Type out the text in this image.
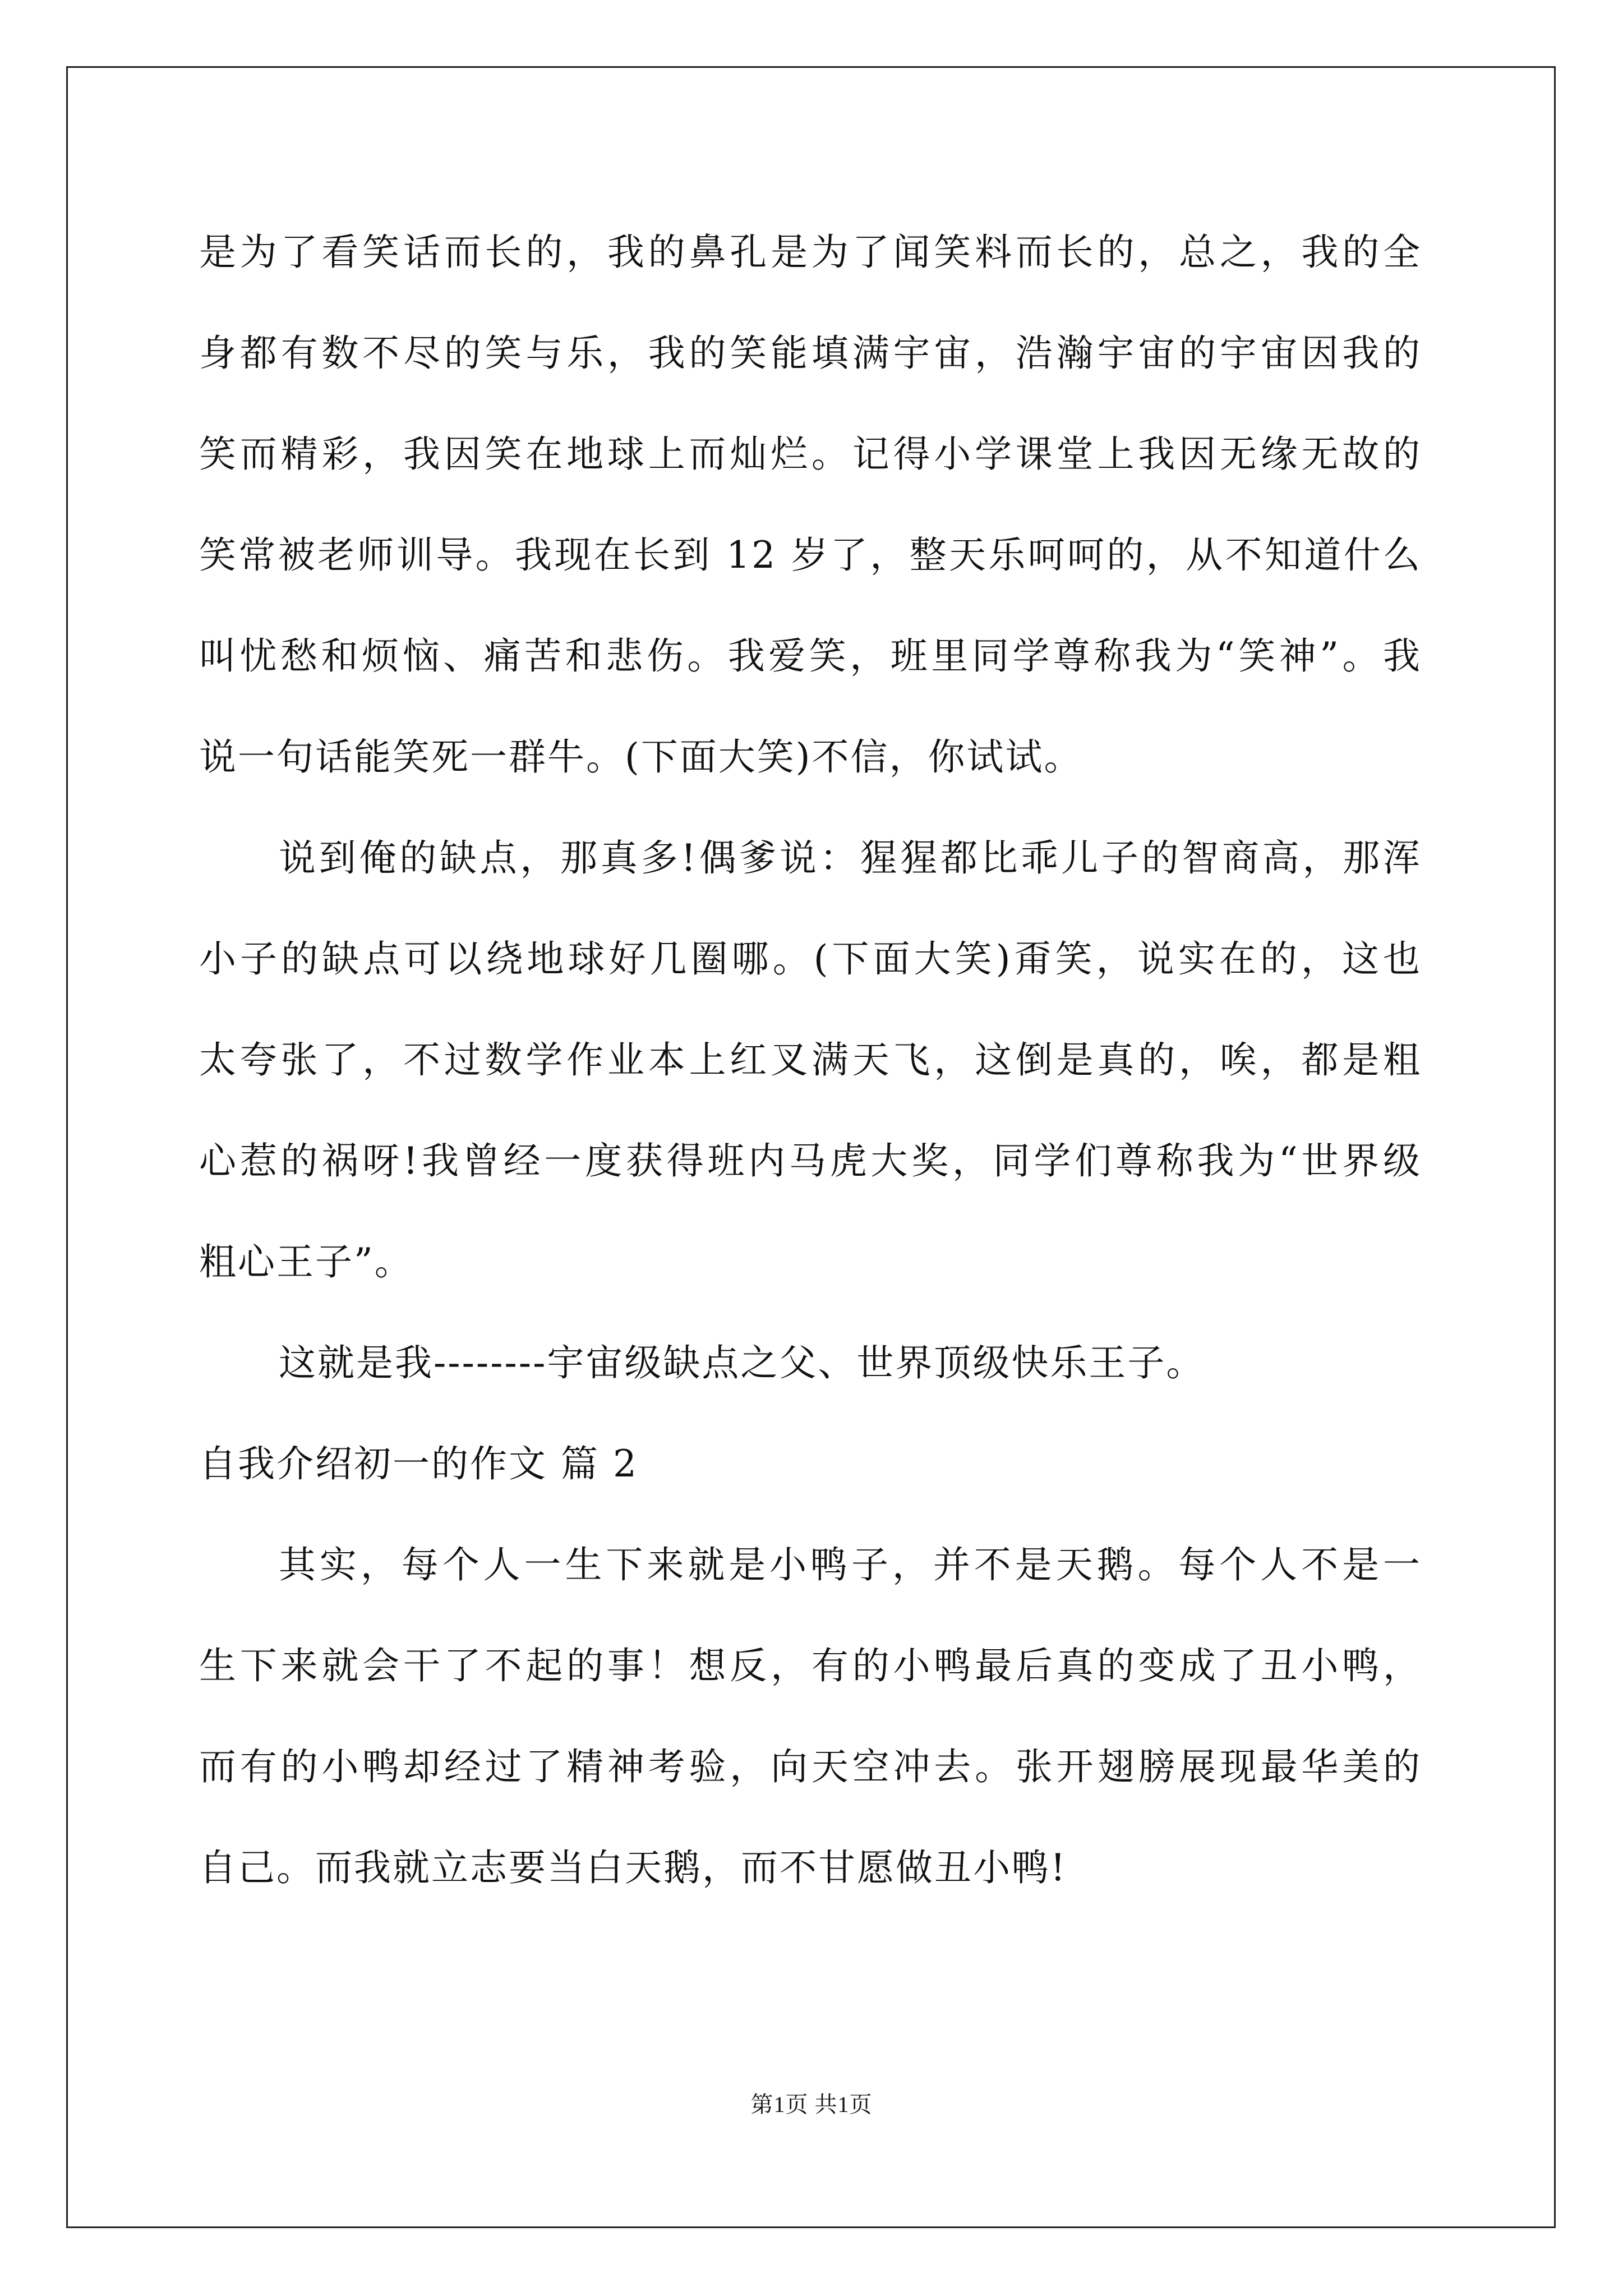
是为了看笑话而长的，我的鼻孔是为了闻笑料而长的，总之，我的全
身都有数不尽的笑与乐，我的笑能填满宇宙，浩瀚宇宙的宇宙因我的
笑而精彩，我因笑在地球上而灿烂。记得小学课堂上我因无缘无故的
笑常被老师训导。我现在长到 12 岁了，整天乐呵呵的，从不知道什么
叫忧愁和烦恼、痛苦和悲伤。我爱笑，班里同学尊称我为“笑神”。我
说一句话能笑死一群牛。(下面大笑)不信，你试试。
说到俺的缺点，那真多!偶爹说：猩猩都比乖儿子的智商高，那浑
小子的缺点可以绕地球好几圈哪。(下面大笑)甭笑，说实在的，这也
太夸张了，不过数学作业本上红叉满天飞，这倒是真的，唉，都是粗
心惹的祸呀!我曾经一度获得班内马虎大奖，同学们尊称我为“世界级
粗心王子”。
这就是我--------宇宙级缺点之父、世界顶级快乐王子。
自我介绍初一的作文 篇 2
其实，每个人一生下来就是小鸭子，并不是天鹅。每个人不是一
生下来就会干了不起的事！想反，有的小鸭最后真的变成了丑小鸭，
而有的小鸭却经过了精神考验，向天空冲去。张开翅膀展现最华美的
自己。而我就立志要当白天鹅，而不甘愿做丑小鸭!
第1页 共1页
